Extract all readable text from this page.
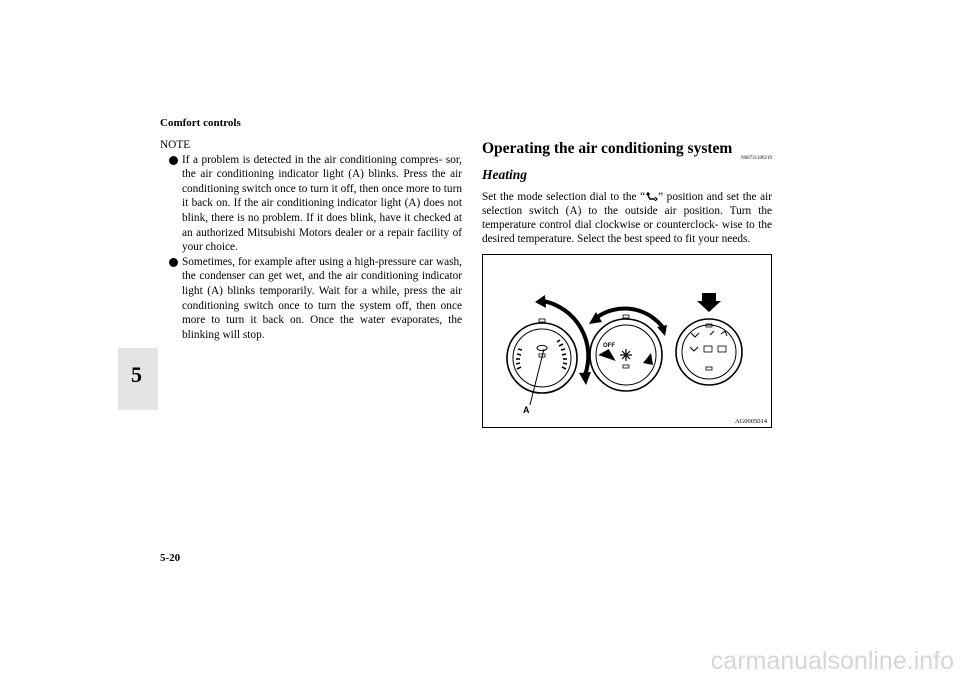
Comfort controls
5
NOTE
If a problem is detected in the air conditioning compres- sor, the air conditioning indicator light (A) blinks. Press the air conditioning switch once to turn it off, then once more to turn it back on. If the air conditioning indicator light (A) does not blink, there is no problem. If it does blink, have it checked at an authorized Mitsubishi Motors dealer or a repair facility of your choice.
Sometimes, for example after using a high-pressure car wash, the condenser can get wet, and the air conditioning indicator light (A) blinks temporarily. Wait for a while, press the air conditioning switch once to turn the system off, then once more to turn it back on. Once the water evaporates, the blinking will stop.
Operating the air conditioning system
N00731100219
Heating
Set the mode selection dial to the “ ” position and set the air selection switch (A) to the outside air position. Turn the temperature control dial clockwise or counterclock- wise to the desired temperature. Select the best speed to fit your needs.
A
OFF
AG0005014
5-20
carmanualsonline.info
